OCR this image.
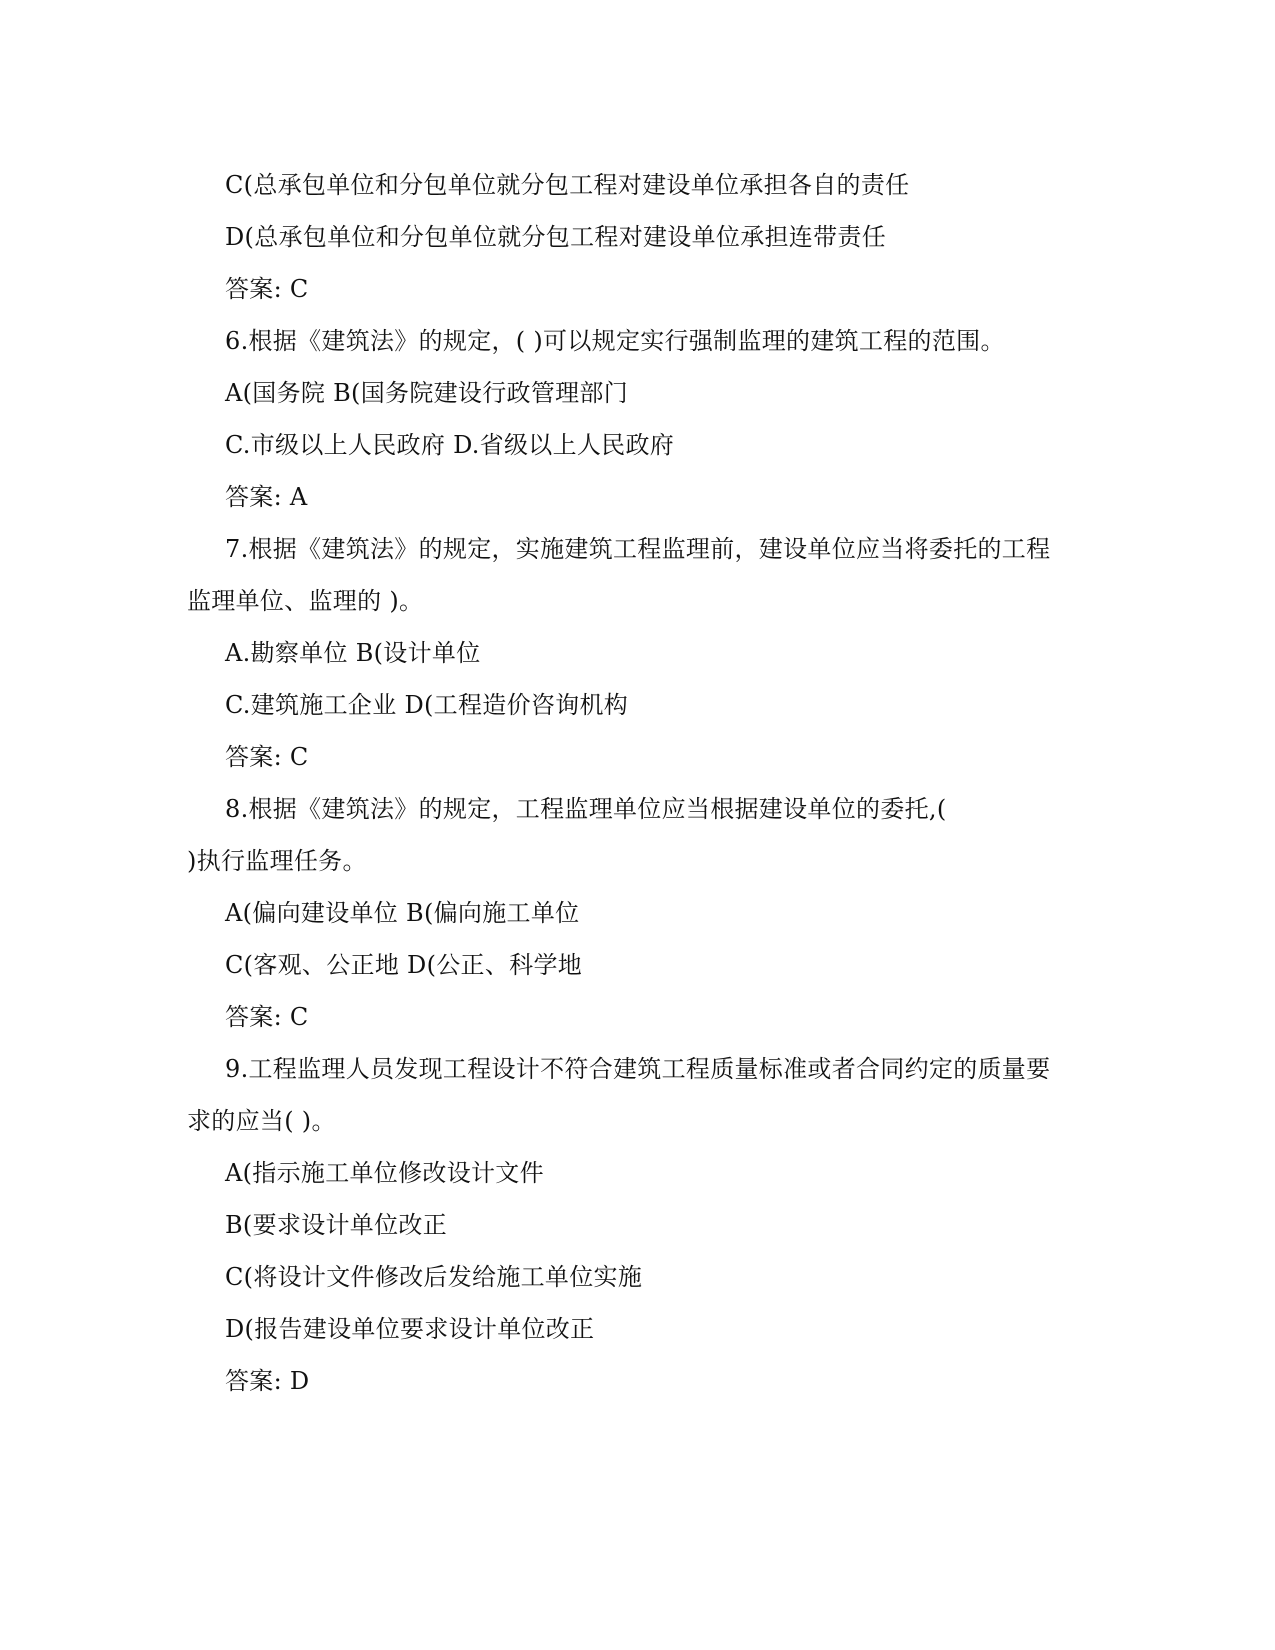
C(总承包单位和分包单位就分包工程对建设单位承担各自的责任
D(总承包单位和分包单位就分包工程对建设单位承担连带责任
答案: C
6.根据《建筑法》的规定，( )可以规定实行强制监理的建筑工程的范围。
A(国务院 B(国务院建设行政管理部门
C.市级以上人民政府 D.省级以上人民政府
答案: A
7.根据《建筑法》的规定，实施建筑工程监理前，建设单位应当将委托的工程
监理单位、监理的 )。
A.勘察单位 B(设计单位
C.建筑施工企业 D(工程造价咨询机构
答案: C
8.根据《建筑法》的规定，工程监理单位应当根据建设单位的委托,(
)执行监理任务。
A(偏向建设单位 B(偏向施工单位
C(客观、公正地 D(公正、科学地
答案: C
9.工程监理人员发现工程设计不符合建筑工程质量标准或者合同约定的质量要
求的应当( )。
A(指示施工单位修改设计文件
B(要求设计单位改正
C(将设计文件修改后发给施工单位实施
D(报告建设单位要求设计单位改正
答案: D
